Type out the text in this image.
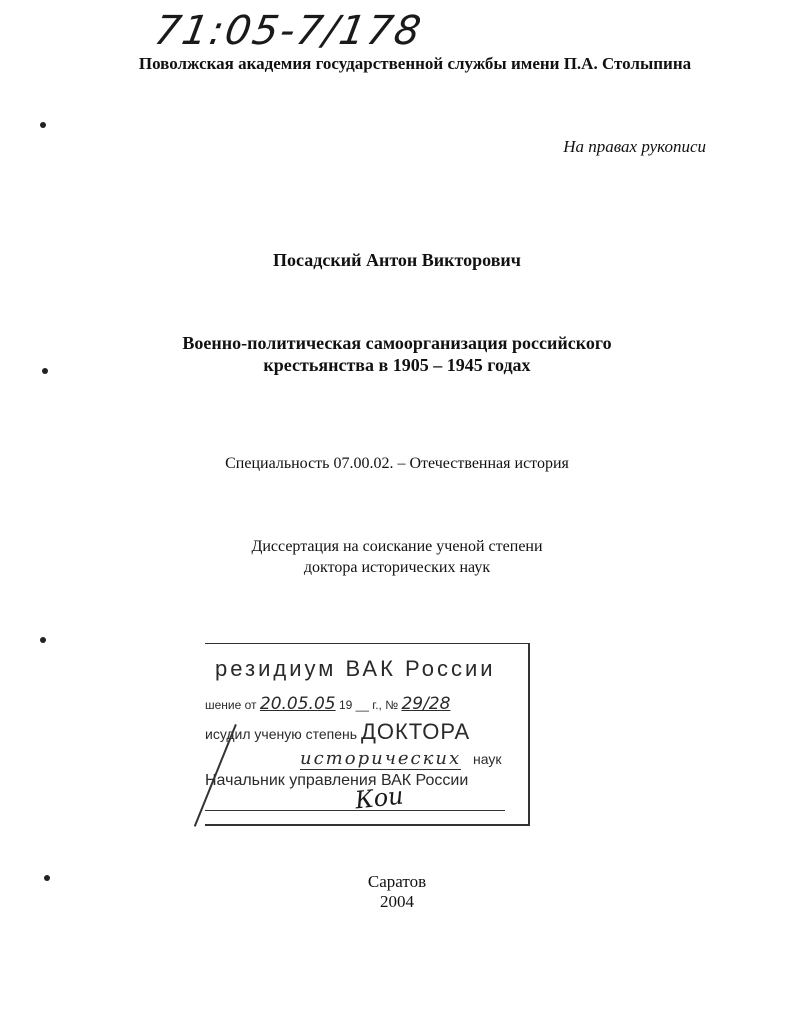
71:05-7/178
Поволжская академия государственной службы имени П.А. Столыпина
На правах рукописи
Посадский Антон Викторович
Военно-политическая самоорганизация российского
крестьянства в 1905 – 1945 годах
Специальность 07.00.02. – Отечественная история
Диссертация на соискание ученой степени
доктора исторических наук
резидиум ВАК России
шение от 20.05.05 19 __ г., № 29/28
исудил ученую степень ДОКТОРА
исторических наук
Начальник управления ВАК России
Кои
Саратов
2004
